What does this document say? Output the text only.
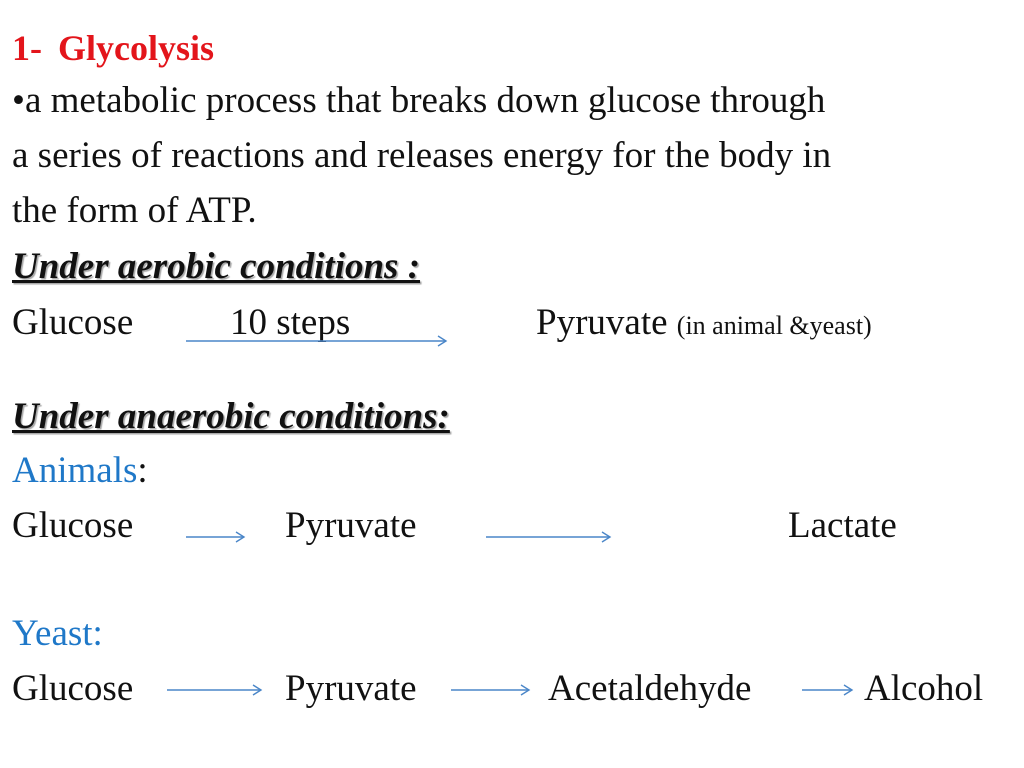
1- Glycolysis
•a metabolic process that breaks down glucose through
a series of reactions and releases energy for the body in
the form of ATP.
Under aerobic conditions :
Glucose	10 steps	Pyruvate (in animal &yeast)
Under anaerobic conditions:
Animals:
Glucose	Pyruvate	Lactate
Yeast:
Glucose	Pyruvate	Acetaldehyde	Alcohol
